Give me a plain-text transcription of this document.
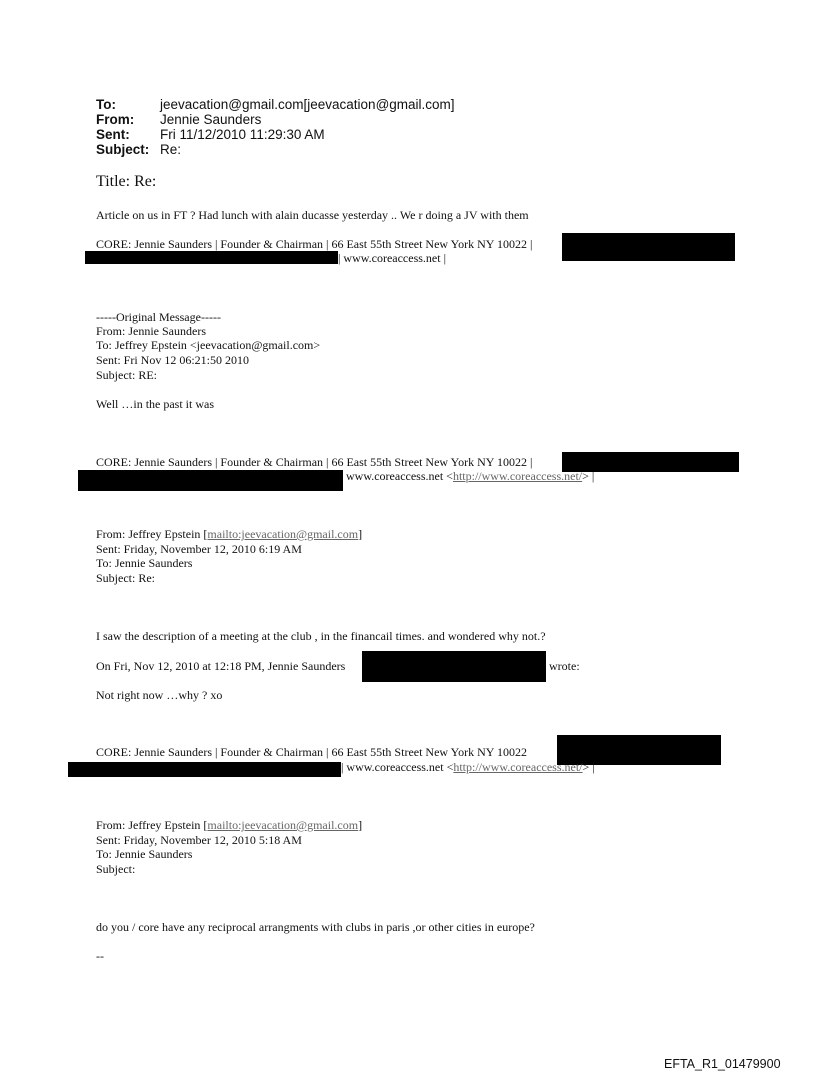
To:	jeevacation@gmail.com[jeevacation@gmail.com]
From: Jennie Saunders
Sent: Fri 11/12/2010 11:29:30 AM
Subject: Re:
Title: Re:
Article on us in FT ? Had lunch with alain ducasse yesterday .. We r doing a JV with them
CORE: Jennie Saunders | Founder & Chairman | 66 East 55th Street New York NY 10022 |
| www.coreaccess.net |
-----Original Message-----
From: Jennie Saunders
To: Jeffrey Epstein <jeevacation@gmail.com>
Sent: Fri Nov 12 06:21:50 2010
Subject: RE:
Well …in the past it was
CORE: Jennie Saunders | Founder & Chairman | 66 East 55th Street New York NY 10022 |
www.coreaccess.net <http://www.coreaccess.net/> |
From: Jeffrey Epstein [mailto:jeevacation@gmail.com]
Sent: Friday, November 12, 2010 6:19 AM
To: Jennie Saunders
Subject: Re:
I saw the description of a meeting at the club , in the financail times. and wondered why not.?
On Fri, Nov 12, 2010 at 12:18 PM, Jennie Saunders	wrote:
Not right now …why ? xo
CORE: Jennie Saunders | Founder & Chairman | 66 East 55th Street New York NY 10022
| www.coreaccess.net <http://www.coreaccess.net/> |
From: Jeffrey Epstein [mailto:jeevacation@gmail.com]
Sent: Friday, November 12, 2010 5:18 AM
To: Jennie Saunders
Subject:
do you / core have any reciprocal arrangments with clubs in paris ,or other cities in europe?
--
EFTA_R1_01479900
